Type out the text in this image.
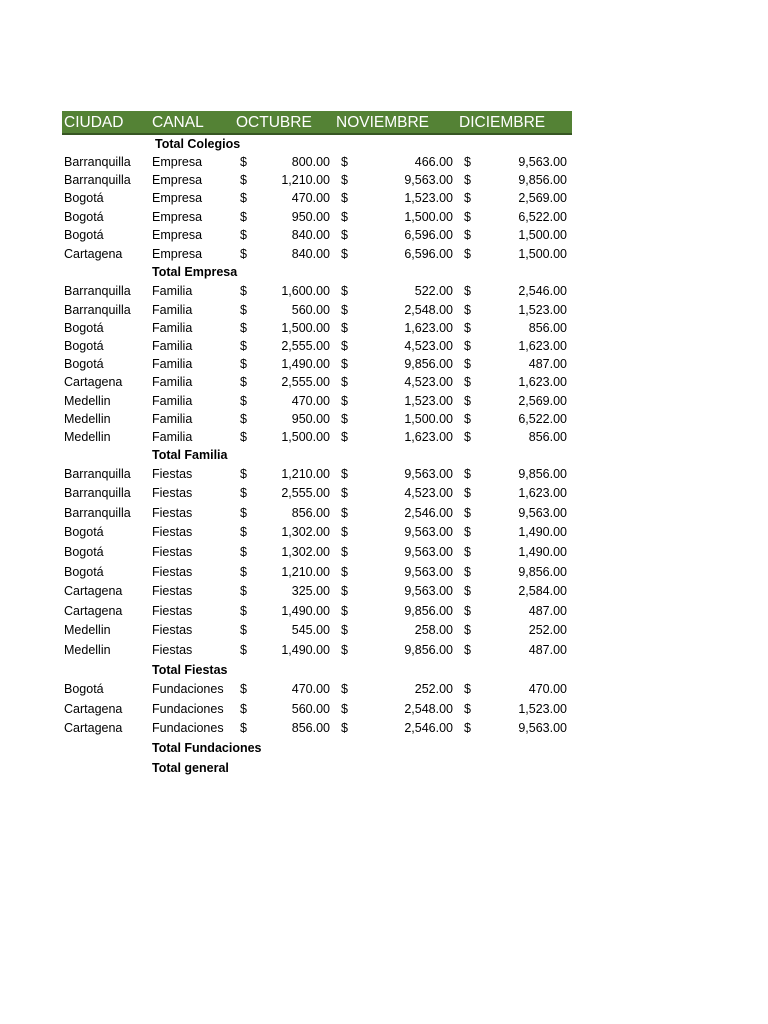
CIUDAD CANAL OCTUBRE NOVIEMBRE DICIEMBRE
Total Colegios
Barranquilla Empresa	$	800.00 $	466.00 $	9,563.00
Barranquilla Empresa	$	1,210.00 $	9,563.00 $	9,856.00
Bogotá	Empresa	$	470.00 $	1,523.00 $	2,569.00
Bogotá	Empresa	$	950.00 $	1,500.00 $	6,522.00
Bogotá	Empresa	$	840.00 $	6,596.00 $	1,500.00
Cartagena Empresa	$	840.00 $	6,596.00 $	1,500.00
Total Empresa
Barranquilla Familia	$	1,600.00 $	522.00 $	2,546.00
Barranquilla Familia	$	560.00 $	2,548.00 $	1,523.00
Bogotá	Familia	$	1,500.00 $	1,623.00 $	856.00
Bogotá	Familia	$	2,555.00 $	4,523.00 $	1,623.00
Bogotá	Familia	$	1,490.00 $	9,856.00 $	487.00
Cartagena Familia	$	2,555.00 $	4,523.00 $	1,623.00
Medellin	Familia	$	470.00 $	1,523.00 $	2,569.00
Medellin	Familia	$	950.00 $	1,500.00 $	6,522.00
Medellin	Familia	$	1,500.00 $	1,623.00 $	856.00
Total Familia
Barranquilla Fiestas	$	1,210.00 $	9,563.00 $	9,856.00
Barranquilla Fiestas	$	2,555.00 $	4,523.00 $	1,623.00
Barranquilla Fiestas	$	856.00 $	2,546.00 $	9,563.00
Bogotá	Fiestas	$	1,302.00 $	9,563.00 $	1,490.00
Bogotá	Fiestas	$	1,302.00 $	9,563.00 $	1,490.00
Bogotá	Fiestas	$	1,210.00 $	9,563.00 $	9,856.00
Cartagena Fiestas	$	325.00 $	9,563.00 $	2,584.00
Cartagena Fiestas	$	1,490.00 $	9,856.00 $	487.00
Medellin	Fiestas	$	545.00 $	258.00 $	252.00
Medellin	Fiestas	$	1,490.00 $	9,856.00 $	487.00
Total Fiestas
Bogotá	Fundaciones $	470.00 $	252.00 $	470.00
Cartagena Fundaciones $	560.00 $	2,548.00 $	1,523.00
Cartagena Fundaciones $	856.00 $	2,546.00 $	9,563.00
Total Fundaciones
Total general
